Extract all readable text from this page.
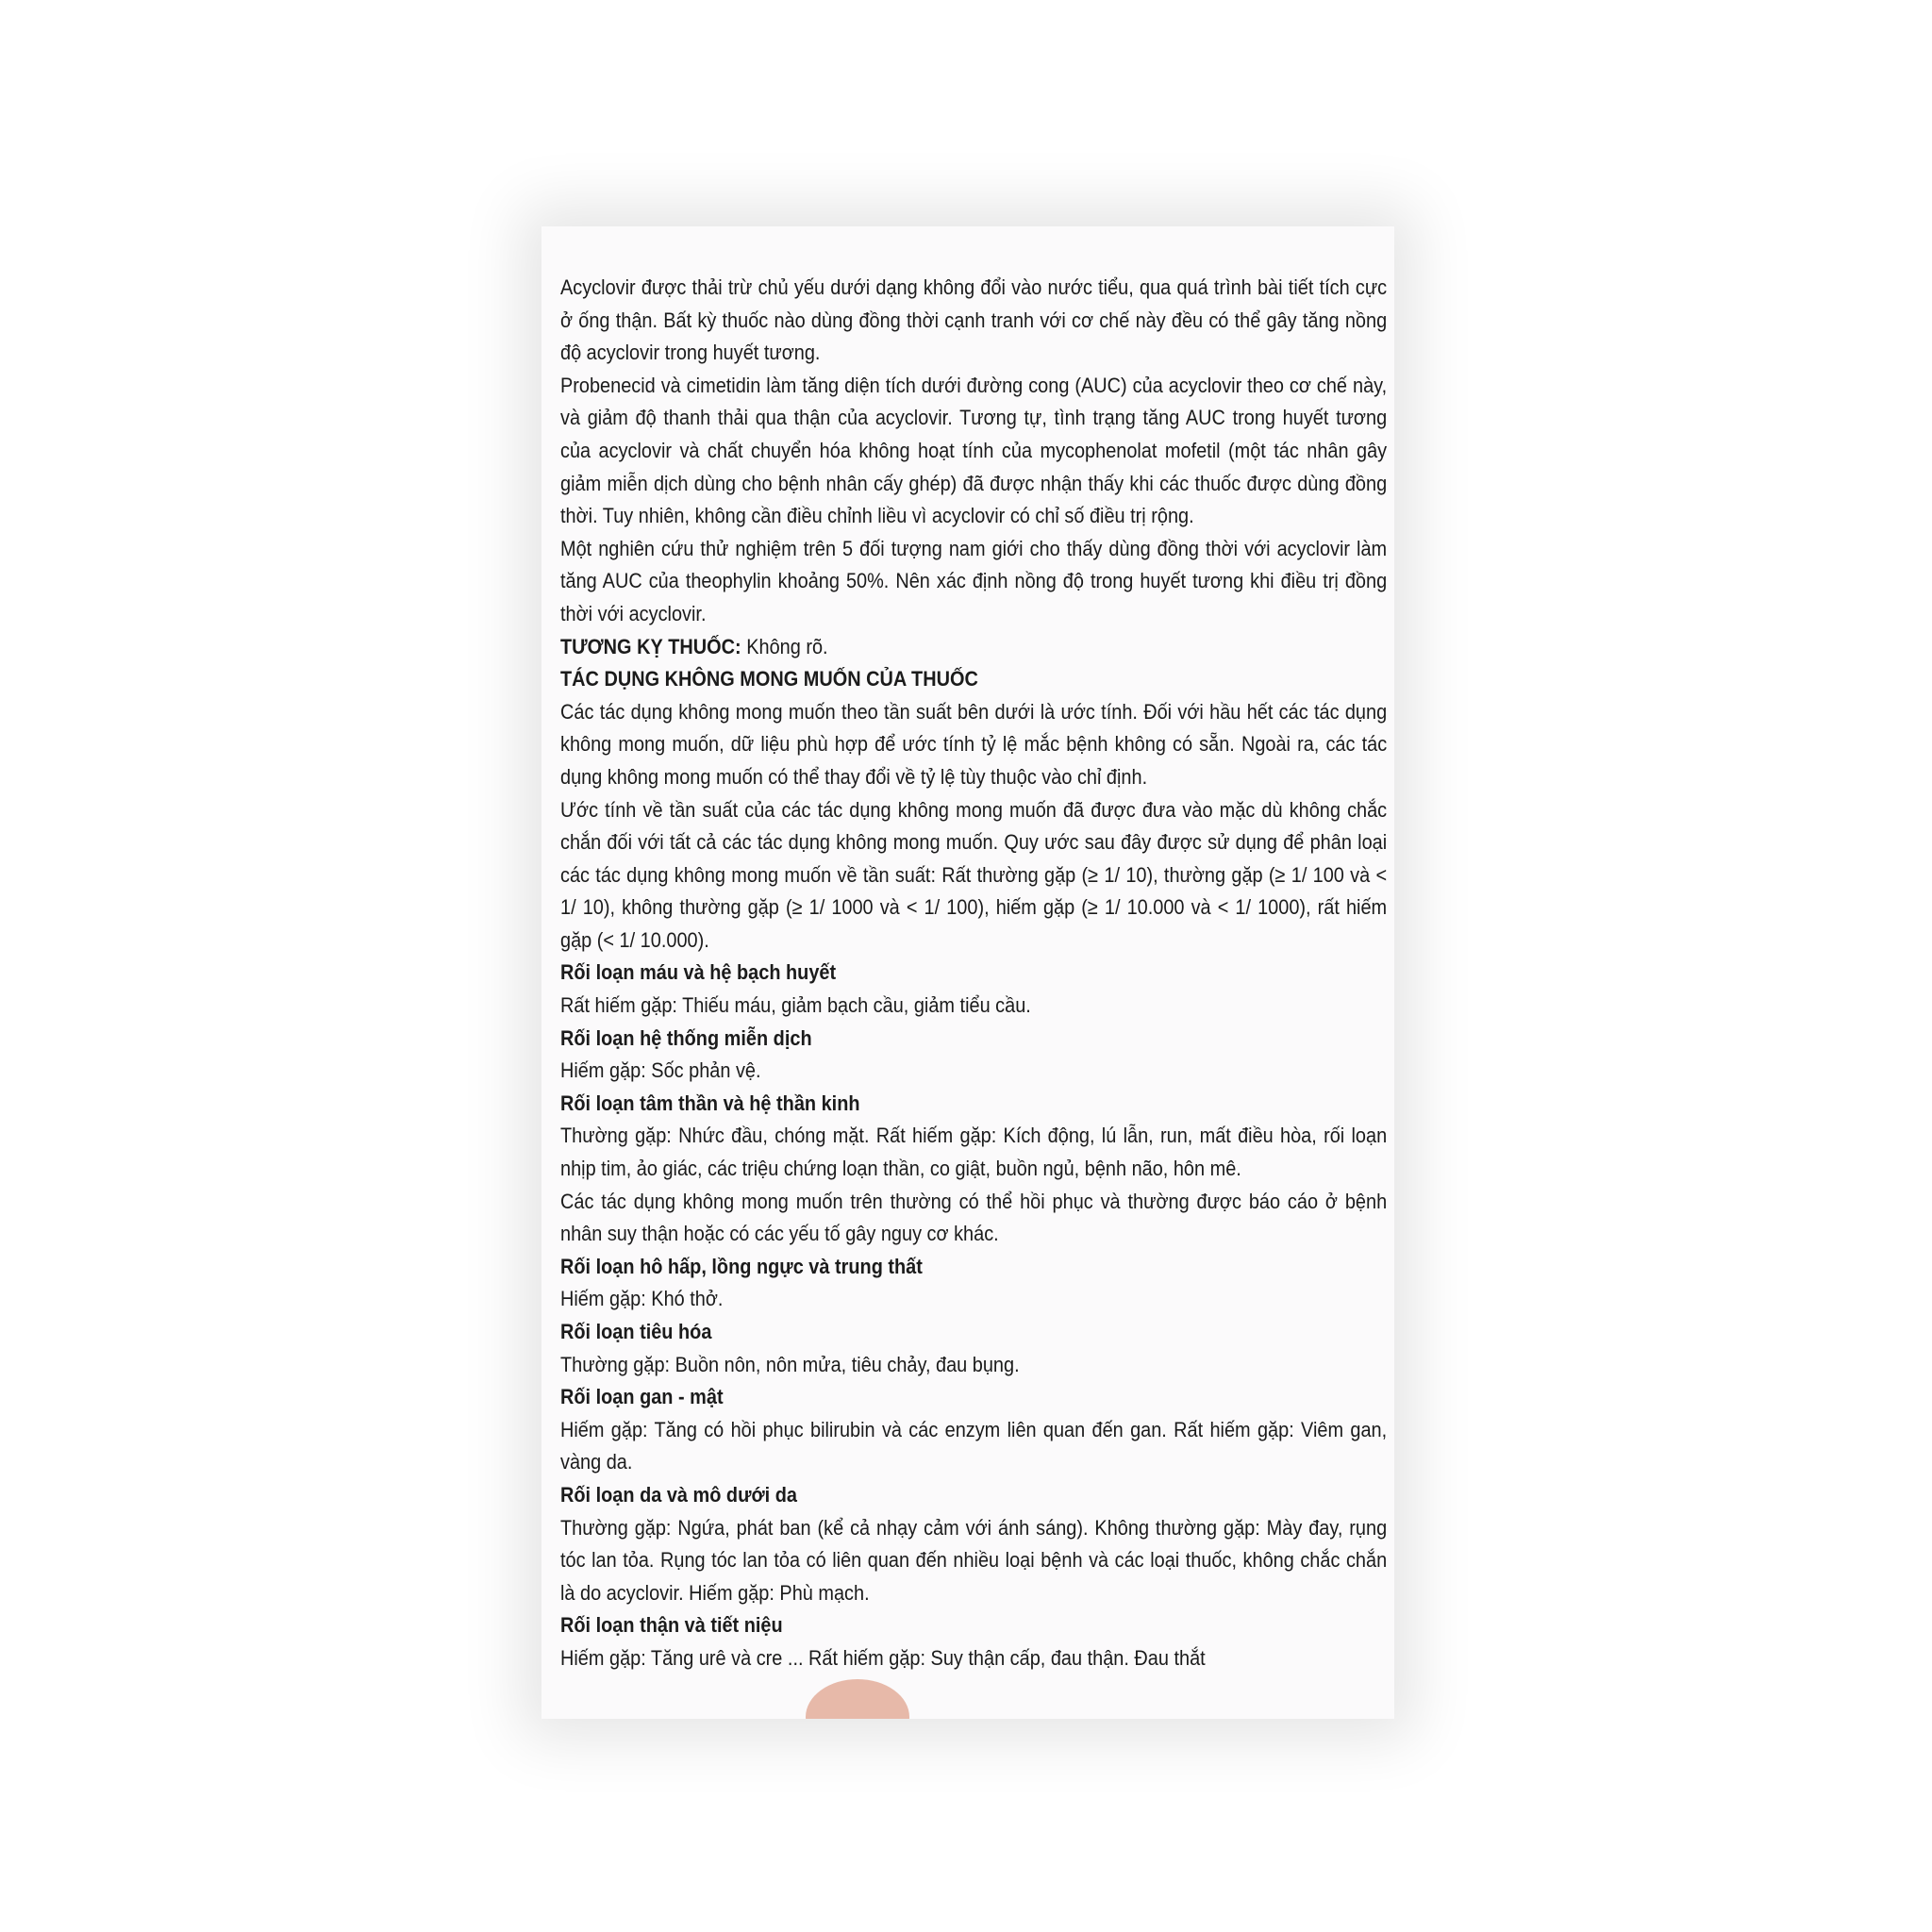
Acyclovir được thải trừ chủ yếu dưới dạng không đổi vào nước tiểu, qua quá trình bài tiết tích cực ở ống thận. Bất kỳ thuốc nào dùng đồng thời cạnh tranh với cơ chế này đều có thể gây tăng nồng độ acyclovir trong huyết tương.

Probenecid và cimetidin làm tăng diện tích dưới đường cong (AUC) của acyclovir theo cơ chế này, và giảm độ thanh thải qua thận của acyclovir. Tương tự, tình trạng tăng AUC trong huyết tương của acyclovir và chất chuyển hóa không hoạt tính của mycophenolat mofetil (một tác nhân gây giảm miễn dịch dùng cho bệnh nhân cấy ghép) đã được nhận thấy khi các thuốc được dùng đồng thời. Tuy nhiên, không cần điều chỉnh liều vì acyclovir có chỉ số điều trị rộng.

Một nghiên cứu thử nghiệm trên 5 đối tượng nam giới cho thấy dùng đồng thời với acyclovir làm tăng AUC của theophylin khoảng 50%. Nên xác định nồng độ trong huyết tương khi điều trị đồng thời với acyclovir.

TƯƠNG KỴ THUỐC: Không rõ.

TÁC DỤNG KHÔNG MONG MUỐN CỦA THUỐC

Các tác dụng không mong muốn theo tần suất bên dưới là ước tính. Đối với hầu hết các tác dụng không mong muốn, dữ liệu phù hợp để ước tính tỷ lệ mắc bệnh không có sẵn. Ngoài ra, các tác dụng không mong muốn có thể thay đổi về tỷ lệ tùy thuộc vào chỉ định.

Ước tính về tần suất của các tác dụng không mong muốn đã được đưa vào mặc dù không chắc chắn đối với tất cả các tác dụng không mong muốn. Quy ước sau đây được sử dụng để phân loại các tác dụng không mong muốn về tần suất: Rất thường gặp (≥ 1/ 10), thường gặp (≥ 1/ 100 và < 1/ 10), không thường gặp (≥ 1/ 1000 và < 1/ 100), hiếm gặp (≥ 1/ 10.000 và < 1/ 1000), rất hiếm gặp (< 1/ 10.000).

Rối loạn máu và hệ bạch huyết

Rất hiếm gặp: Thiếu máu, giảm bạch cầu, giảm tiểu cầu.

Rối loạn hệ thống miễn dịch

Hiếm gặp: Sốc phản vệ.

Rối loạn tâm thần và hệ thần kinh

Thường gặp: Nhức đầu, chóng mặt. Rất hiếm gặp: Kích động, lú lẫn, run, mất điều hòa, rối loạn nhịp tim, ảo giác, các triệu chứng loạn thần, co giật, buồn ngủ, bệnh não, hôn mê.

Các tác dụng không mong muốn trên thường có thể hồi phục và thường được báo cáo ở bệnh nhân suy thận hoặc có các yếu tố gây nguy cơ khác.

Rối loạn hô hấp, lồng ngực và trung thất

Hiếm gặp: Khó thở.

Rối loạn tiêu hóa

Thường gặp: Buồn nôn, nôn mửa, tiêu chảy, đau bụng.

Rối loạn gan - mật

Hiếm gặp: Tăng có hồi phục bilirubin và các enzym liên quan đến gan. Rất hiếm gặp: Viêm gan, vàng da.

Rối loạn da và mô dưới da

Thường gặp: Ngứa, phát ban (kể cả nhạy cảm với ánh sáng). Không thường gặp: Mày đay, rụng tóc lan tỏa. Rụng tóc lan tỏa có liên quan đến nhiều loại bệnh và các loại thuốc, không chắc chắn là do acyclovir. Hiếm gặp: Phù mạch.

Rối loạn thận và tiết niệu

Hiếm gặp: Tăng urê và cre ... Rất hiếm gặp: Suy thận cấp, đau thận. Đau thắt
